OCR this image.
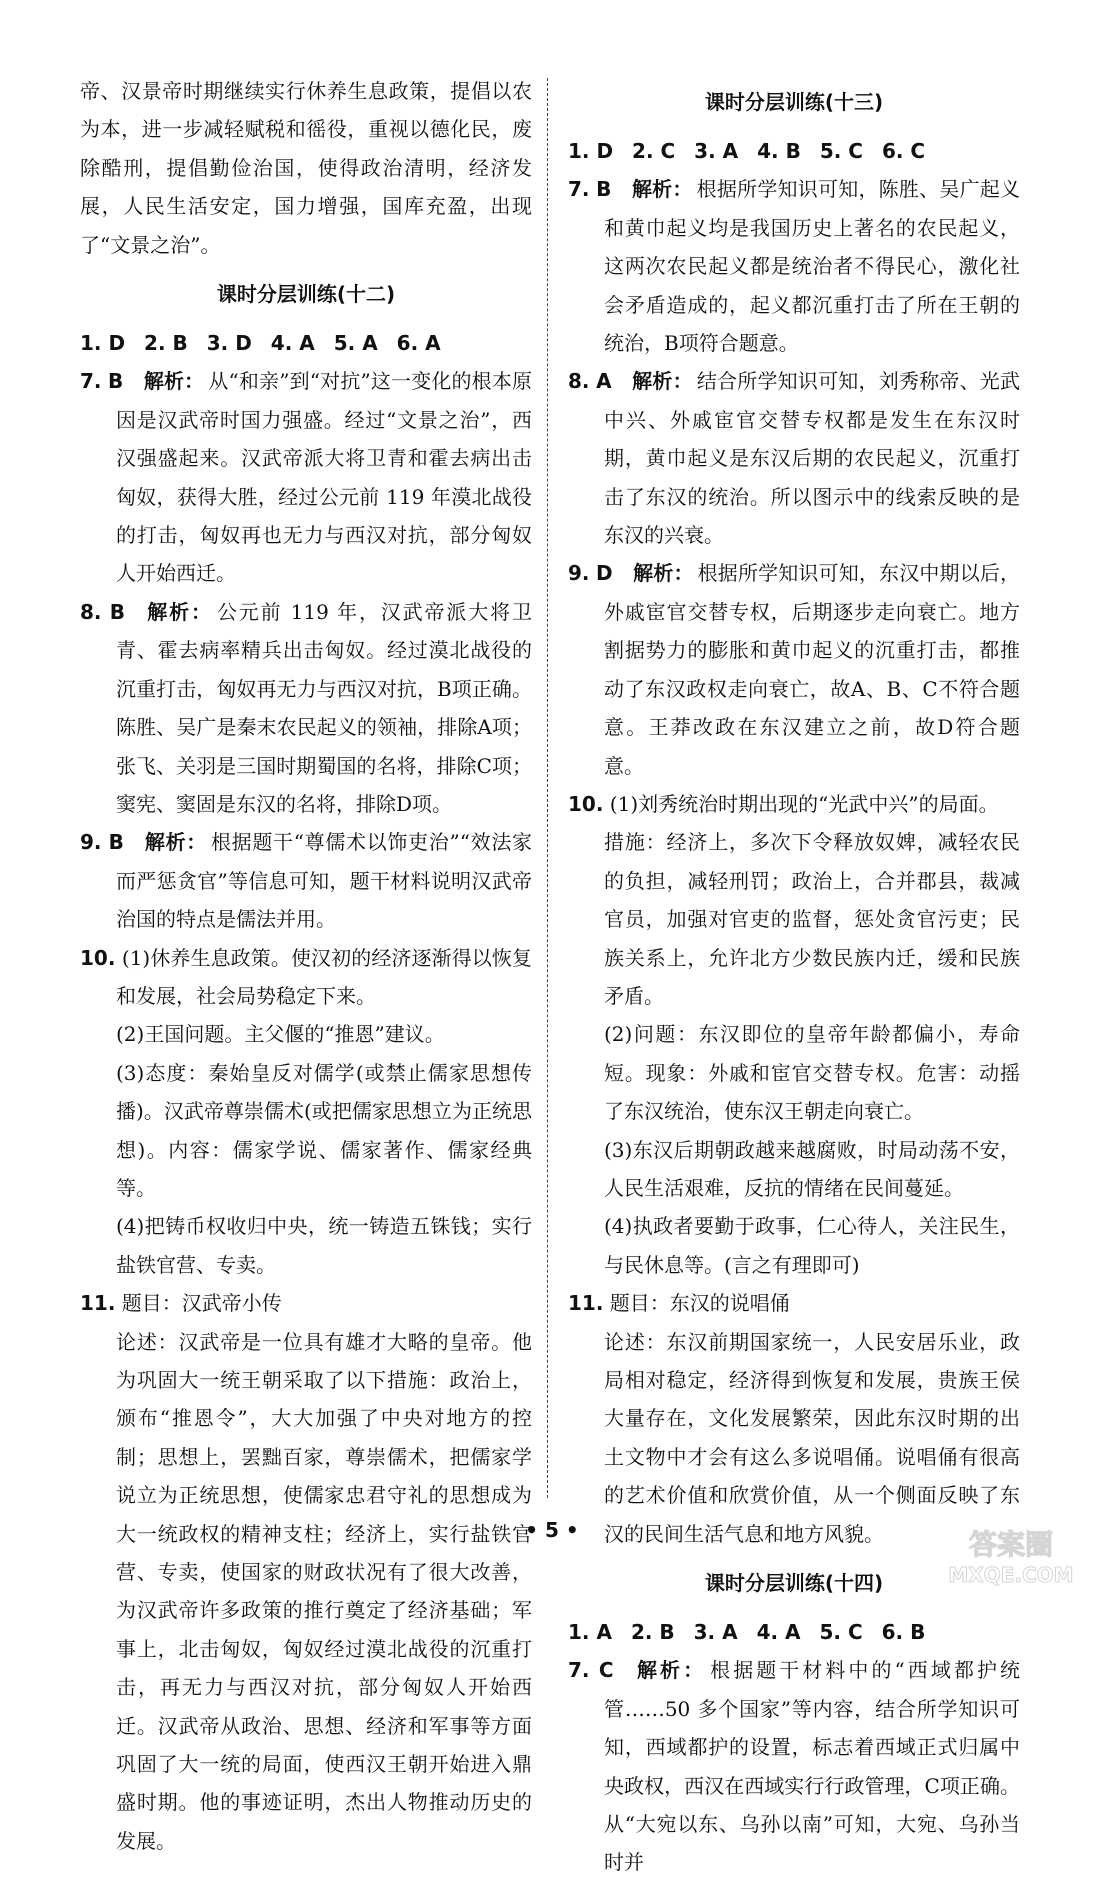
帝、汉景帝时期继续实行休养生息政策，提倡以农为本，进一步减轻赋税和徭役，重视以德化民，废除酷刑，提倡勤俭治国，使得政治清明，经济发展，人民生活安定，国力增强，国库充盈，出现了“文景之治”。

课时分层训练(十二)

1. D 2. B 3. D 4. A 5. A 6. A

7. B 解析： 从“和亲”到“对抗”这一变化的根本原因是汉武帝时国力强盛。经过“文景之治”，西汉强盛起来。汉武帝派大将卫青和霍去病出击匈奴，获得大胜，经过公元前 119 年漠北战役的打击，匈奴再也无力与西汉对抗，部分匈奴人开始西迁。

8. B 解析： 公元前 119 年，汉武帝派大将卫青、霍去病率精兵出击匈奴。经过漠北战役的沉重打击，匈奴再无力与西汉对抗，B项正确。陈胜、吴广是秦末农民起义的领袖，排除A项；张飞、关羽是三国时期蜀国的名将，排除C项；窦宪、窦固是东汉的名将，排除D项。

9. B 解析： 根据题干“尊儒术以饰吏治”“效法家而严惩贪官”等信息可知，题干材料说明汉武帝治国的特点是儒法并用。

10. (1)休养生息政策。使汉初的经济逐渐得以恢复和发展，社会局势稳定下来。

(2)王国问题。主父偃的“推恩”建议。

(3)态度：秦始皇反对儒学(或禁止儒家思想传播)。汉武帝尊崇儒术(或把儒家思想立为正统思想)。内容：儒家学说、儒家著作、儒家经典等。

(4)把铸币权收归中央，统一铸造五铢钱；实行盐铁官营、专卖。

11. 题目：汉武帝小传

论述：汉武帝是一位具有雄才大略的皇帝。他为巩固大一统王朝采取了以下措施：政治上，颁布“推恩令”，大大加强了中央对地方的控制；思想上，罢黜百家，尊崇儒术，把儒家学说立为正统思想，使儒家忠君守礼的思想成为大一统政权的精神支柱；经济上，实行盐铁官营、专卖，使国家的财政状况有了很大改善，为汉武帝许多政策的推行奠定了经济基础；军事上，北击匈奴，匈奴经过漠北战役的沉重打击，再无力与西汉对抗，部分匈奴人开始西迁。汉武帝从政治、思想、经济和军事等方面巩固了大一统的局面，使西汉王朝开始进入鼎盛时期。他的事迹证明，杰出人物推动历史的发展。

课时分层训练(十三)

1. D 2. C 3. A 4. B 5. C 6. C

7. B 解析： 根据所学知识可知，陈胜、吴广起义和黄巾起义均是我国历史上著名的农民起义，这两次农民起义都是统治者不得民心，激化社会矛盾造成的，起义都沉重打击了所在王朝的统治，B项符合题意。

8. A 解析： 结合所学知识可知，刘秀称帝、光武中兴、外戚宦官交替专权都是发生在东汉时期，黄巾起义是东汉后期的农民起义，沉重打击了东汉的统治。所以图示中的线索反映的是东汉的兴衰。

9. D 解析： 根据所学知识可知，东汉中期以后，外戚宦官交替专权，后期逐步走向衰亡。地方割据势力的膨胀和黄巾起义的沉重打击，都推动了东汉政权走向衰亡，故A、B、C不符合题意。王莽改政在东汉建立之前，故D符合题意。

10. (1)刘秀统治时期出现的“光武中兴”的局面。

措施：经济上，多次下令释放奴婢，减轻农民的负担，减轻刑罚；政治上，合并郡县，裁减官员，加强对官吏的监督，惩处贪官污吏；民族关系上，允许北方少数民族内迁，缓和民族矛盾。

(2)问题：东汉即位的皇帝年龄都偏小，寿命短。现象：外戚和宦官交替专权。危害：动摇了东汉统治，使东汉王朝走向衰亡。

(3)东汉后期朝政越来越腐败，时局动荡不安，人民生活艰难，反抗的情绪在民间蔓延。

(4)执政者要勤于政事，仁心待人，关注民生，与民休息等。(言之有理即可)

11. 题目：东汉的说唱俑

论述：东汉前期国家统一，人民安居乐业，政局相对稳定，经济得到恢复和发展，贵族王侯大量存在，文化发展繁荣，因此东汉时期的出土文物中才会有这么多说唱俑。说唱俑有很高的艺术价值和欣赏价值，从一个侧面反映了东汉的民间生活气息和地方风貌。

课时分层训练(十四)

1. A 2. B 3. A 4. A 5. C 6. B

7. C 解析： 根据题干材料中的“西域都护统管……50 多个国家”等内容，结合所学知识可知，西域都护的设置，标志着西域正式归属中央政权，西汉在西域实行行政管理，C项正确。从“大宛以东、乌孙以南”可知，大宛、乌孙当时并

• 5 •	答案圈
MXQE.COM
